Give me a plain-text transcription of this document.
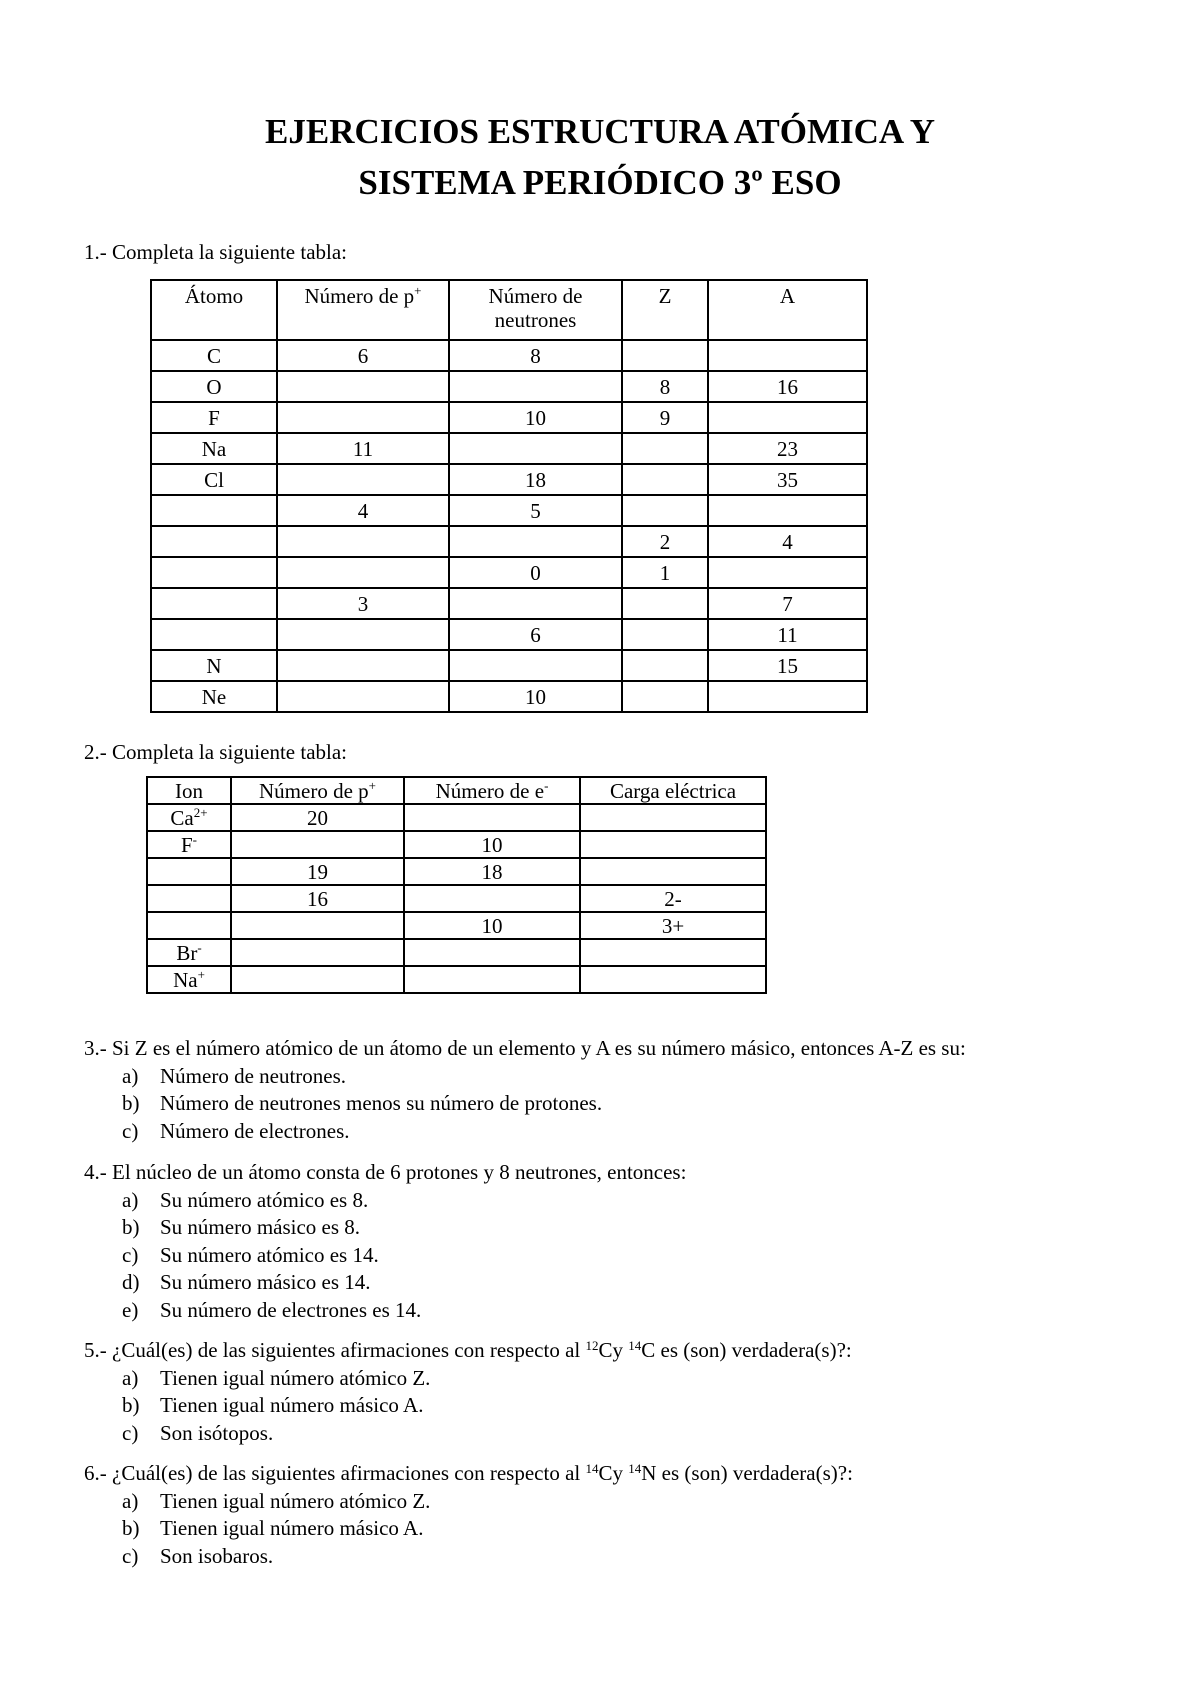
EJERCICIOS ESTRUCTURA ATÓMICA Y
SISTEMA PERIÓDICO 3º ESO
1.- Completa la siguiente tabla:
Átomo	Número de p+	Número de neutrones	Z	A
C	6	8		
O			8	16
F		10	9	
Na	11			23
Cl		18		35
	4	5		
			2	4
		0	1	
	3			7
		6		11
N				15
Ne		10		
2.- Completa la siguiente tabla:
Ion	Número de p+	Número de e-	Carga eléctrica
$Ca^{2+}$	20		
F-		10	
	19	18	
	16		2-
		10	3+
Br-			
Na+			
3.- Si Z es el número atómico de un átomo de un elemento y A es su número másico, entonces A-Z es su:
a) Número de neutrones.
b) Número de neutrones menos su número de protones.
c) Número de electrones.
4.- El núcleo de un átomo consta de 6 protones y 8 neutrones, entonces:
a) Su número atómico es 8.
b) Su número másico es 8.
c) Su número atómico es 14.
d) Su número másico es 14.
e) Su número de electrones es 14.
5.- ¿Cuál(es) de las siguientes afirmaciones con respecto al $^{12}$Cy $^{14}$C es (son) verdadera(s)?:
a) Tienen igual número atómico Z.
b) Tienen igual número másico A.
c) Son isótopos.
6.- ¿Cuál(es) de las siguientes afirmaciones con respecto al $^{14}$Cy $^{14}$N es (son) verdadera(s)?:
a) Tienen igual número atómico Z.
b) Tienen igual número másico A.
c) Son isobaros.
